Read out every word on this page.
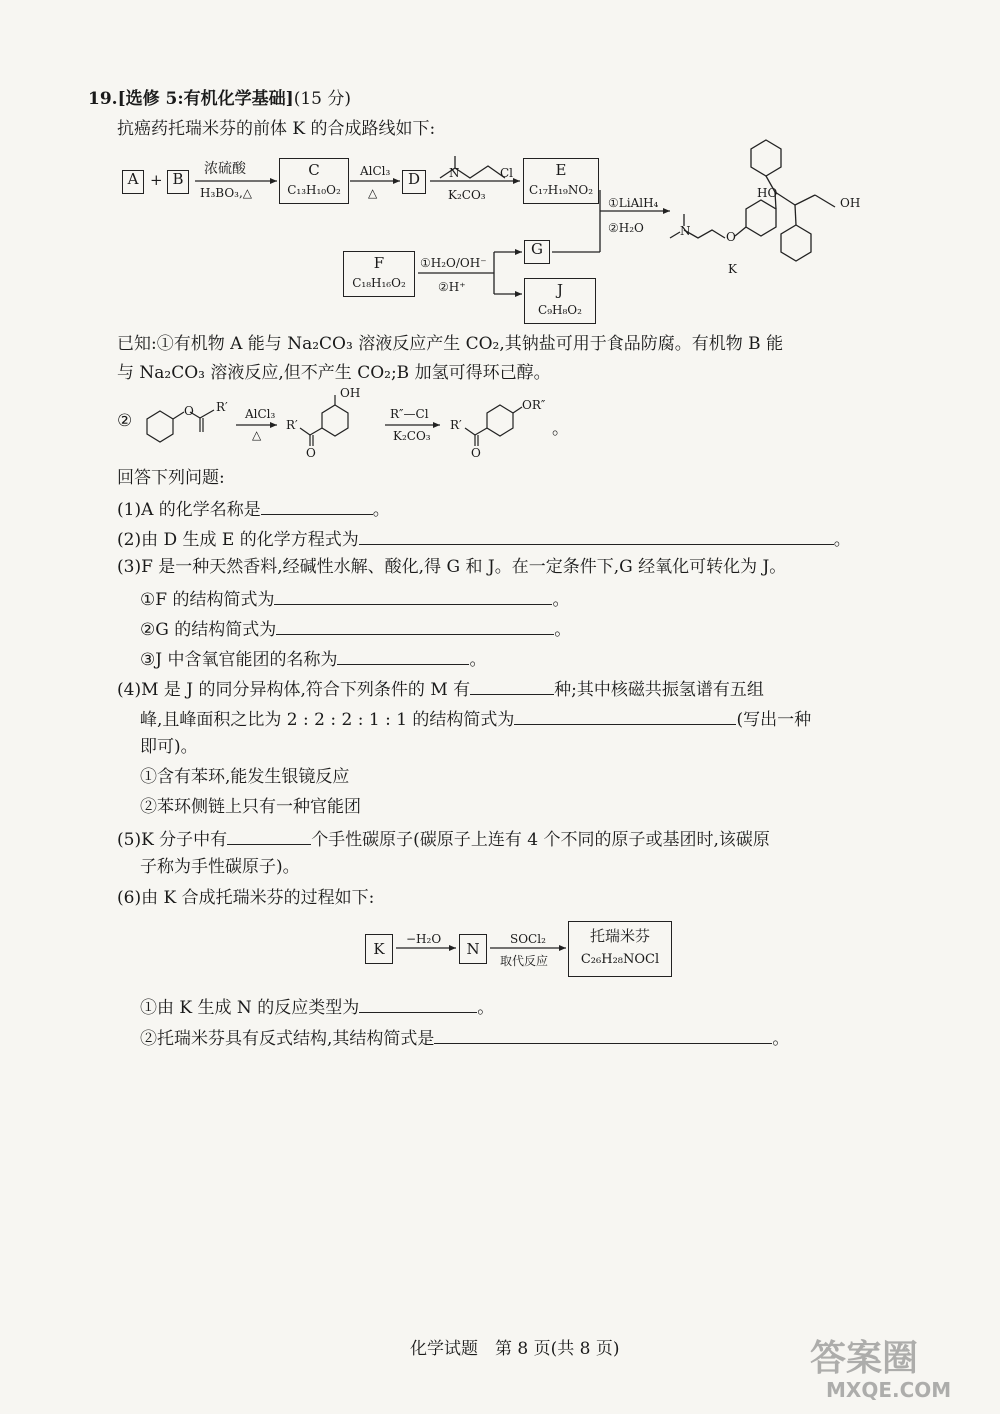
19.[选修 5:有机化学基础](15 分)
抗癌药托瑞米芬的前体 K 的合成路线如下:
A + B
浓硫酸
H₃BO₃,△
C
C₁₃H₁₀O₂
AlCl₃
△
D	N	Cl
K₂CO₃
E
C₁₇H₁₉NO₂
①LiAlH₄
②H₂O
F
C₁₈H₁₆O₂
①H₂O/OH⁻
②H⁺
G
J
C₉H₈O₂
HO
OH
O
N
K
已知:①有机物 A 能与 Na₂CO₃ 溶液反应产生 CO₂,其钠盐可用于食品防腐。有机物 B 能
与 Na₂CO₃ 溶液反应,但不产生 CO₂;B 加氢可得环己醇。
②	O R′ AlCl₃
△
OH
R′
O
R″—Cl
K₂CO₃
OR″
R′
O
。
回答下列问题:
(1)A 的化学名称是	。
(2)由 D 生成 E 的化学方程式为	。
(3)F 是一种天然香料,经碱性水解、酸化,得 G 和 J。在一定条件下,G 经氧化可转化为 J。
①F 的结构简式为	。
②G 的结构简式为	。
③J 中含氧官能团的名称为	。
(4)M 是 J 的同分异构体,符合下列条件的 M 有	种;其中核磁共振氢谱有五组
峰,且峰面积之比为 2 : 2 : 2 : 1 : 1 的结构简式为	(写出一种
即可)。
①含有苯环,能发生银镜反应
②苯环侧链上只有一种官能团
(5)K 分子中有	个手性碳原子(碳原子上连有 4 个不同的原子或基团时,该碳原
子称为手性碳原子)。
(6)由 K 合成托瑞米芬的过程如下:
K
−H₂O
N
SOCl₂
取代反应
托瑞米芬
C₂₆H₂₈NOCl
①由 K 生成 N 的反应类型为	。
②托瑞米芬具有反式结构,其结构简式是	。
化学试题　第 8 页(共 8 页)	答案圈
MXQE.COM
